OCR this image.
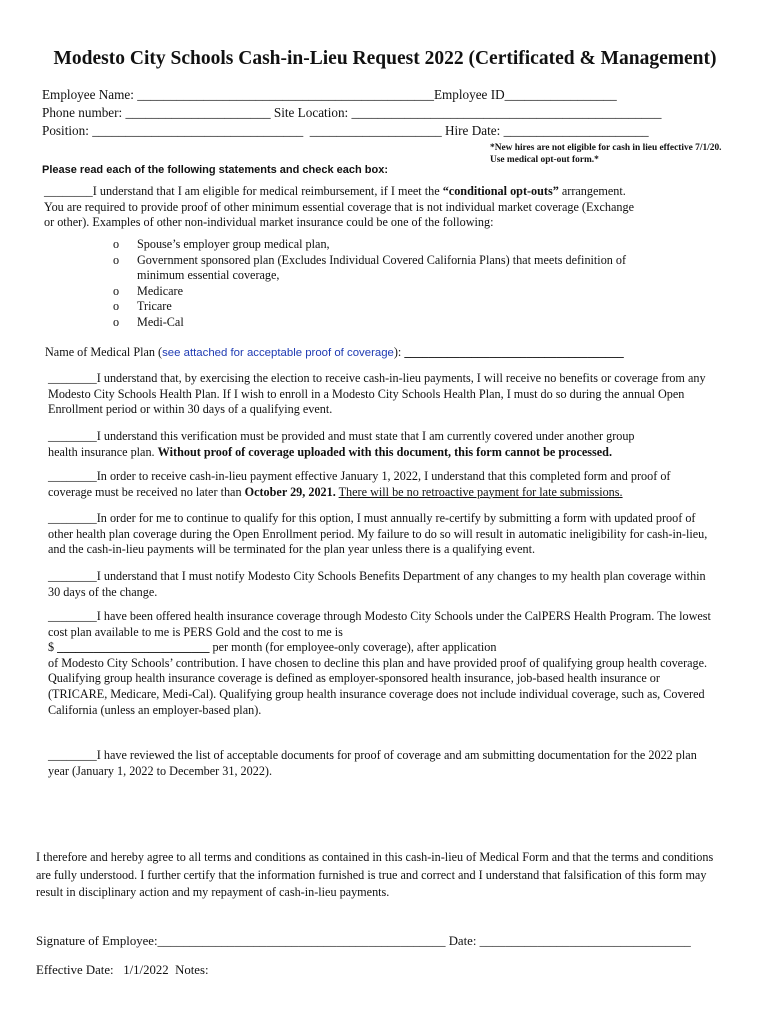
Modesto City Schools Cash-in-Lieu Request 2022 (Certificated & Management)
Employee Name: _____________________________________________Employee ID_________________
Phone number: ______________________ Site Location: _______________________________________________
Position: ________________________________ ____________________ Hire Date: ______________________
*New hires are not eligible for cash in lieu effective 7/1/20.
Use medical opt-out form.*
Please read each of the following statements and check each box:

________I understand that I am eligible for medical reimbursement, if I meet the “conditional opt-outs” arrangement.

You are required to provide proof of other minimum essential coverage that is not individual market coverage (Exchange

or other). Examples of other non-individual market insurance could be one of the following:

o Spouse’s employer group medical plan,
o Government sponsored plan (Excludes Individual Covered California Plans) that meets definition of
minimum essential coverage,
o Medicare
o Tricare
o Medi-Cal
Name of Medical Plan (see attached for acceptable proof of coverage): ____________________________________

________I understand that, by exercising the election to receive cash-in-lieu payments, I will receive no benefits or coverage from any

Modesto City Schools Health Plan. If I wish to enroll in a Modesto City Schools Health Plan, I must do so during the annual Open

Enrollment period or within 30 days of a qualifying event.

________I understand this verification must be provided and must state that I am currently covered under another group

health insurance plan. Without proof of coverage uploaded with this document, this form cannot be processed.

________In order to receive cash-in-lieu payment effective January 1, 2022, I understand that this completed form and proof of

coverage must be received no later than October 29, 2021. There will be no retroactive payment for late submissions.

________In order for me to continue to qualify for this option, I must annually re-certify by submitting a form with updated proof of

other health plan coverage during the Open Enrollment period. My failure to do so will result in automatic ineligibility for cash-in-lieu,

and the cash-in-lieu payments will be terminated for the plan year unless there is a qualifying event.

________I understand that I must notify Modesto City Schools Benefits Department of any changes to my health plan coverage within

30 days of the change.

________I have been offered health insurance coverage through Modesto City Schools under the CalPERS Health Program. The lowest

cost plan available to me is PERS Gold and the cost to me is

$ _________________________ per month (for employee-only coverage), after application

of Modesto City Schools’ contribution. I have chosen to decline this plan and have provided proof of qualifying group health coverage.

Qualifying group health insurance coverage is defined as employer-sponsored health insurance, job-based health insurance or

(TRICARE, Medicare, Medi-Cal). Qualifying group health insurance coverage does not include individual coverage, such as, Covered

California (unless an employer-based plan).

________I have reviewed the list of acceptable documents for proof of coverage and am submitting documentation for the 2022 plan

year (January 1, 2022 to December 31, 2022).

I therefore and hereby agree to all terms and conditions as contained in this cash-in-lieu of Medical Form and that the terms and conditions

are fully understood. I further certify that the information furnished is true and correct and I understand that falsification of this form may

result in disciplinary action and my repayment of cash-in-lieu payments.

Signature of Employee:_____________________________________________ Date: _________________________________
Effective Date: 1/1/2022 Notes:
